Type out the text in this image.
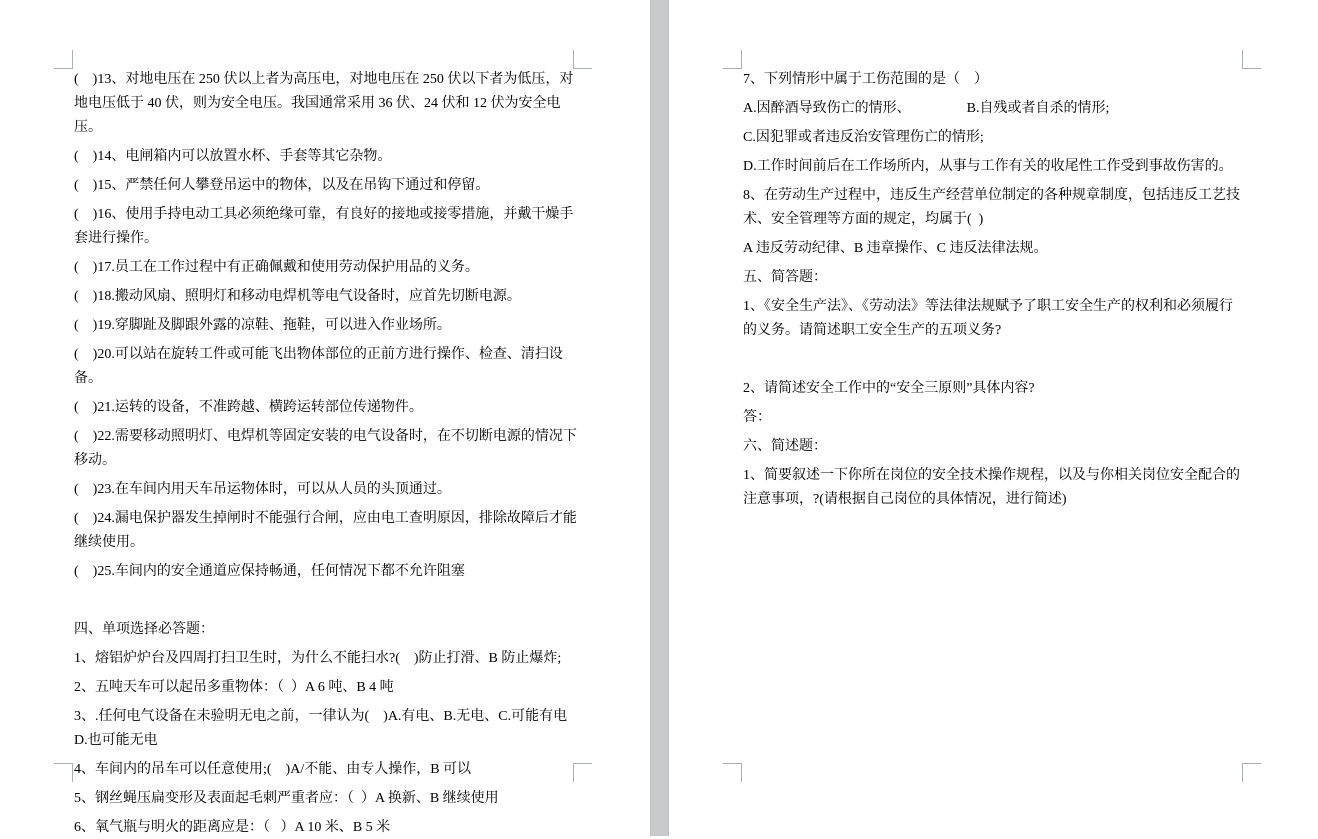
(    )13、对地电压在 250 伏以上者为高压电，对地电压在 250 伏以下者为低压，对地电压低于 40 伏，则为安全电压。我国通常采用 36 伏、24 伏和 12 伏为安全电压。

(    )14、电闸箱内可以放置水杯、手套等其它杂物。

(    )15、严禁任何人攀登吊运中的物体，以及在吊钩下通过和停留。

(    )16、使用手持电动工具必须绝缘可靠，有良好的接地或接零措施，并戴干燥手套进行操作。

(    )17.员工在工作过程中有正确佩戴和使用劳动保护用品的义务。

(    )18.搬动风扇、照明灯和移动电焊机等电气设备时，应首先切断电源。

(    )19.穿脚趾及脚跟外露的凉鞋、拖鞋，可以进入作业场所。

(    )20.可以站在旋转工件或可能飞出物体部位的正前方进行操作、检查、清扫设备。

(    )21.运转的设备，不准跨越、横跨运转部位传递物件。

(    )22.需要移动照明灯、电焊机等固定安装的电气设备时，在不切断电源的情况下移动。

(    )23.在车间内用天车吊运物体时，可以从人员的头顶通过。

(    )24.漏电保护器发生掉闸时不能强行合闸，应由电工查明原因，排除故障后才能继续使用。

(    )25.车间内的安全通道应保持畅通，任何情况下都不允许阻塞

四、单项选择必答题：

1、熔铝炉炉台及四周打扫卫生时，为什么不能扫水?(    )防止打滑、B 防止爆炸;

2、五吨天车可以起吊多重物体：（  ）A 6 吨、B 4 吨

3、.任何电气设备在未验明无电之前，一律认为(    )A.有电、B.无电、C.可能有电 D.也可能无电

4、车间内的吊车可以任意使用;(    )A/不能、由专人操作，B 可以

5、钢丝蝇压扁变形及表面起毛刺严重者应：（  ）A 换新、B 继续使用

6、氧气瓶与明火的距离应是：（   ）A 10 米、B 5 米

7、下列情形中属于工伤范围的是（    ）

A.因醉酒导致伤亡的情形、                B.自残或者自杀的情形;

C.因犯罪或者违反治安管理伤亡的情形;

D.工作时间前后在工作场所内，从事与工作有关的收尾性工作受到事故伤害的。

8、在劳动生产过程中，违反生产经营单位制定的各种规章制度，包括违反工艺技术、安全管理等方面的规定，均属于(  )

A 违反劳动纪律、B 违章操作、C 违反法律法规。

五、简答题：

1、《安全生产法》、《劳动法》等法律法规赋予了职工安全生产的权利和必须履行的义务。请简述职工安全生产的五项义务?

2、请简述安全工作中的“安全三原则”具体内容?

答：

六、简述题：

1、简要叙述一下你所在岗位的安全技术操作规程，以及与你相关岗位安全配合的注意事项，?(请根据自己岗位的具体情况，进行简述)
